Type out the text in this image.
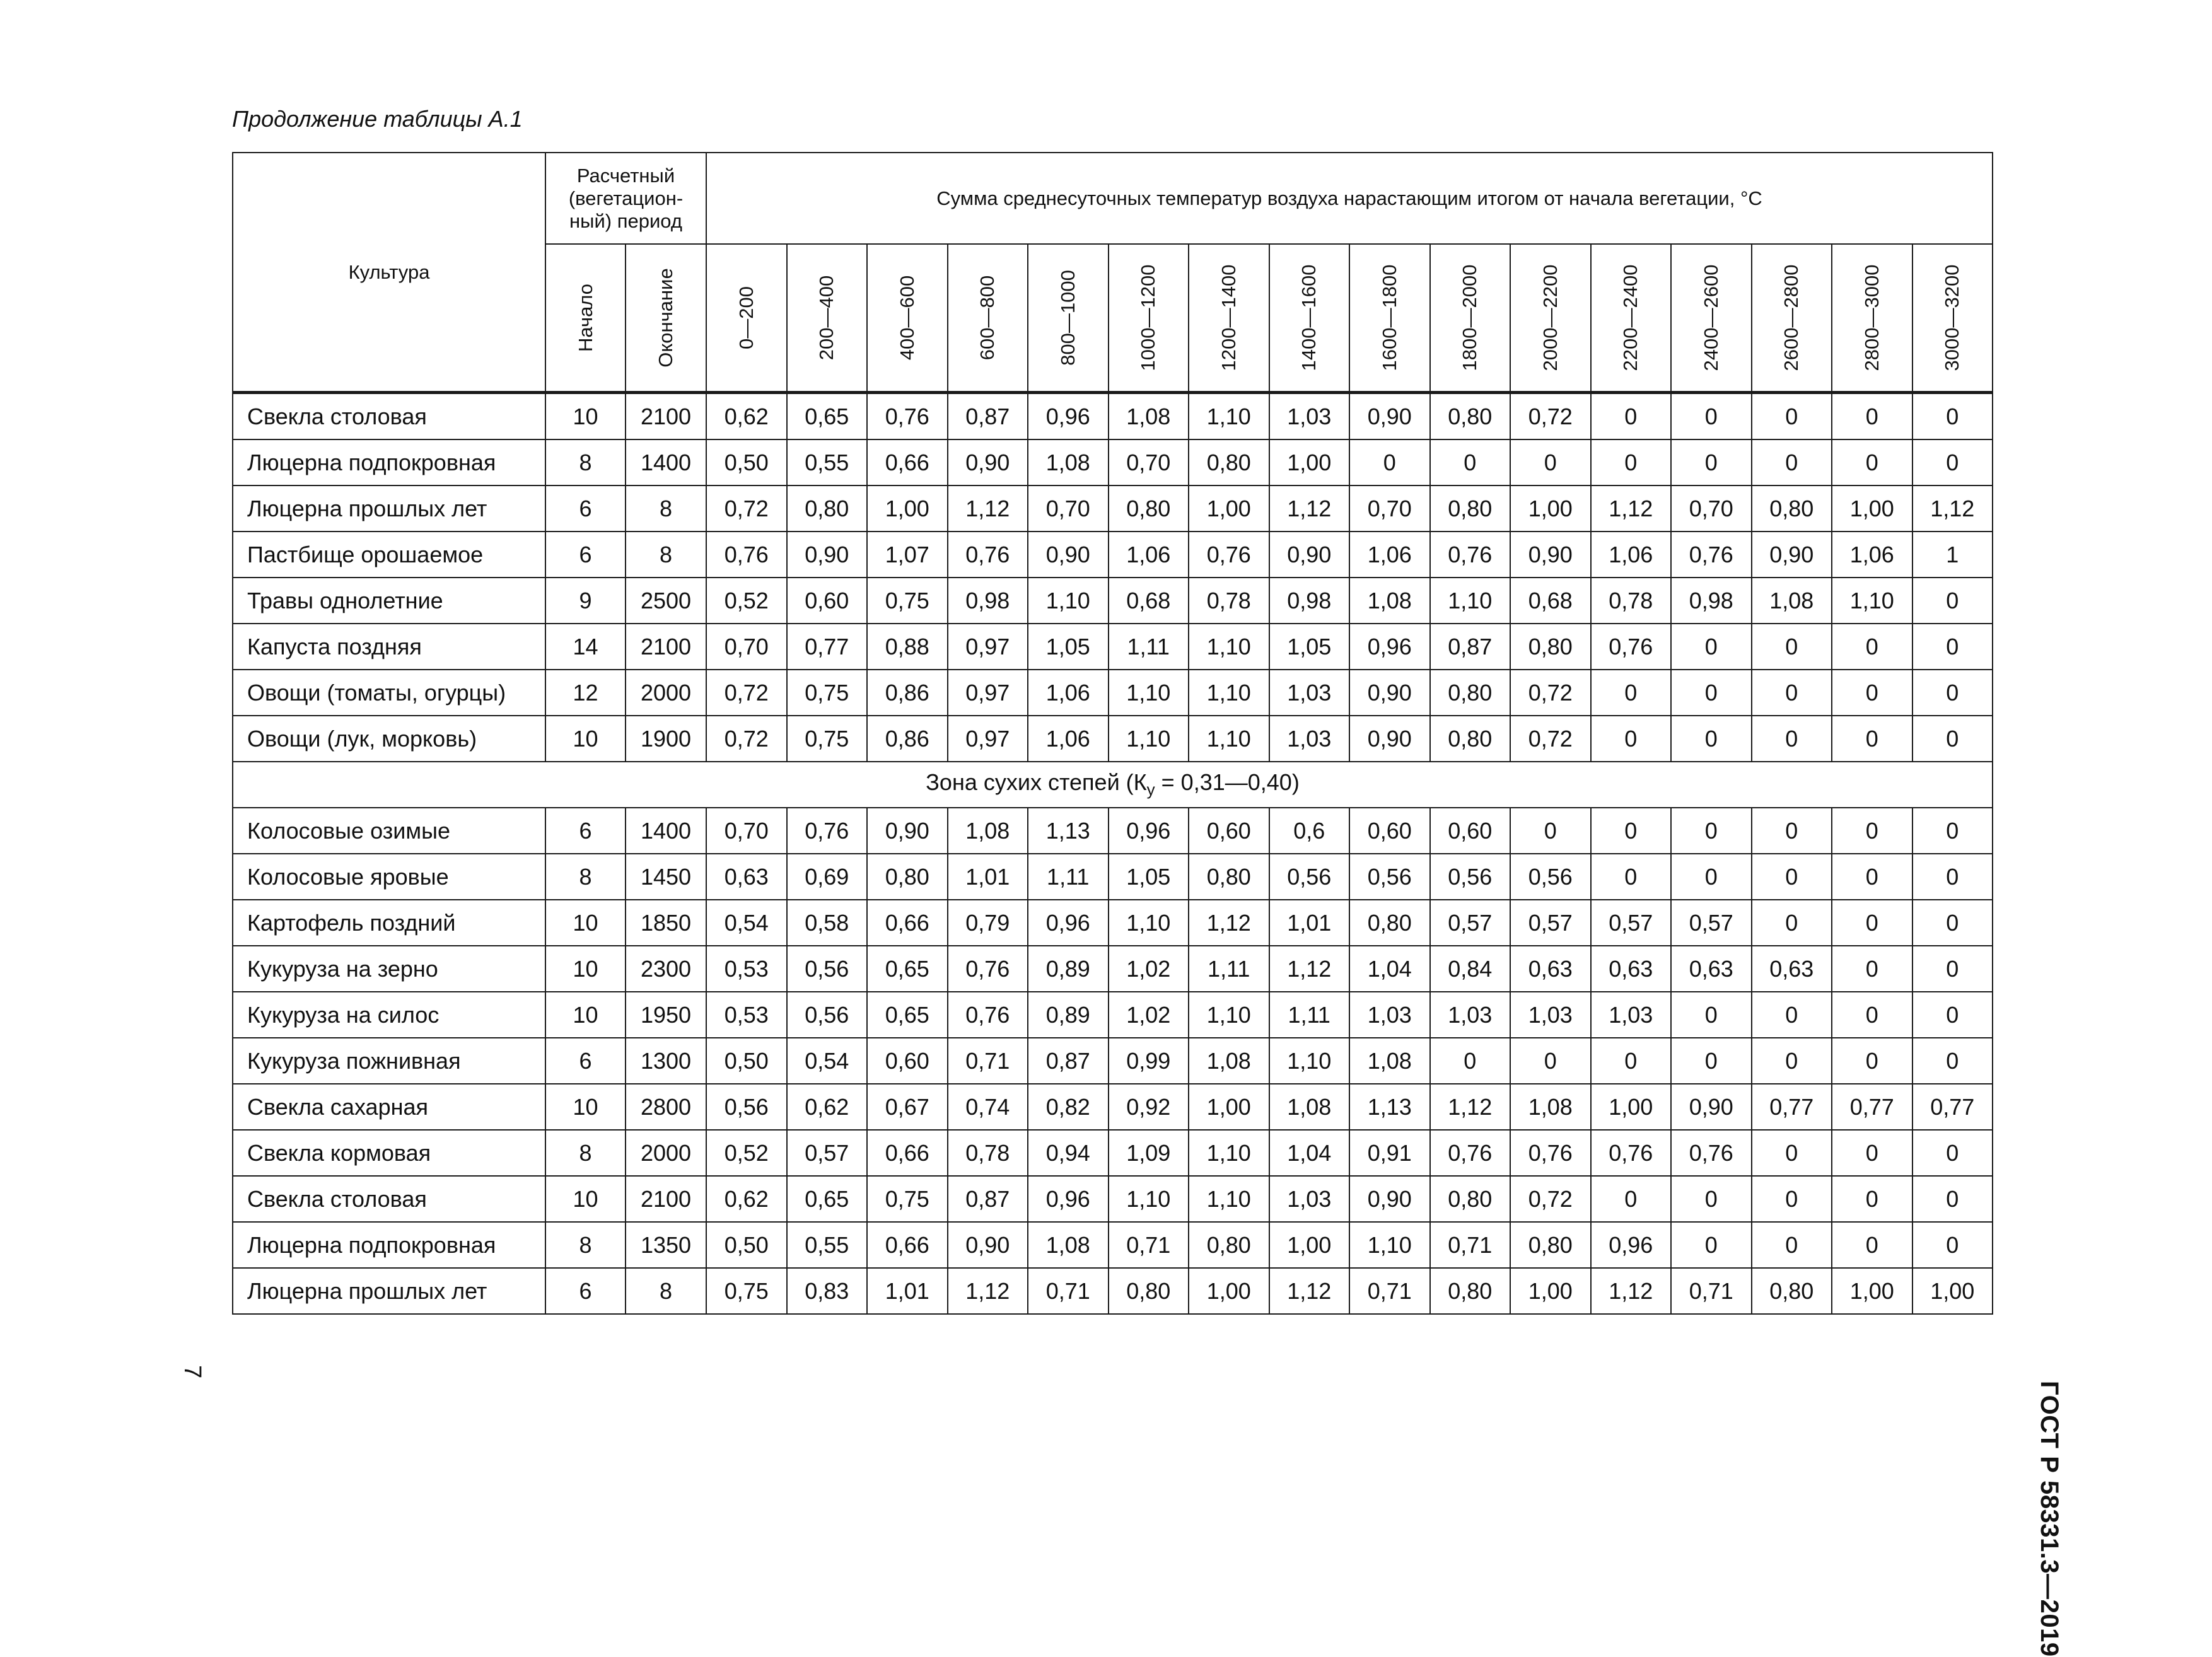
Продолжение таблицы А.1
Культура	Расчетный
(вегетацион-
ный) период		Сумма среднесуточных температур воздуха нарастающим итогом от начала вегетации, °С															

	Начало	Окончание	0—200	200—400	400—600	600—800	800—1000	1000—1200	1200—1400	1400—1600	1600—1800	1800—2000	2000—2200	2200—2400	2400—2600	2600—2800	2800—3000	3000—3200

Свекла столовая	10	2100	0,62	0,65	0,76	0,87	0,96	1,08	1,10	1,03	0,90	0,80	0,72	0	0	0	0	0
Люцерна подпокровная	8	1400	0,50	0,55	0,66	0,90	1,08	0,70	0,80	1,00	0	0	0	0	0	0	0	0
Люцерна прошлых лет	6	8	0,72	0,80	1,00	1,12	0,70	0,80	1,00	1,12	0,70	0,80	1,00	1,12	0,70	0,80	1,00	1,12
Пастбище орошаемое	6	8	0,76	0,90	1,07	0,76	0,90	1,06	0,76	0,90	1,06	0,76	0,90	1,06	0,76	0,90	1,06	1
Травы однолетние	9	2500	0,52	0,60	0,75	0,98	1,10	0,68	0,78	0,98	1,08	1,10	0,68	0,78	0,98	1,08	1,10	0
Капуста поздняя	14	2100	0,70	0,77	0,88	0,97	1,05	1,11	1,10	1,05	0,96	0,87	0,80	0,76	0	0	0	0
Овощи (томаты, огурцы)	12	2000	0,72	0,75	0,86	0,97	1,06	1,10	1,10	1,03	0,90	0,80	0,72	0	0	0	0	0
Овощи (лук, морковь)	10	1900	0,72	0,75	0,86	0,97	1,06	1,10	1,10	1,03	0,90	0,80	0,72	0	0	0	0	0
Зона сухих степей ($К_у$ = 0,31—0,40)																		
Колосовые озимые	6	1400	0,70	0,76	0,90	1,08	1,13	0,96	0,60	0,6	0,60	0,60	0	0	0	0	0	0
Колосовые яровые	8	1450	0,63	0,69	0,80	1,01	1,11	1,05	0,80	0,56	0,56	0,56	0,56	0	0	0	0	0
Картофель поздний	10	1850	0,54	0,58	0,66	0,79	0,96	1,10	1,12	1,01	0,80	0,57	0,57	0,57	0,57	0	0	0
Кукуруза на зерно	10	2300	0,53	0,56	0,65	0,76	0,89	1,02	1,11	1,12	1,04	0,84	0,63	0,63	0,63	0,63	0	0
Кукуруза на силос	10	1950	0,53	0,56	0,65	0,76	0,89	1,02	1,10	1,11	1,03	1,03	1,03	1,03	0	0	0	0
Кукуруза пожнивная	6	1300	0,50	0,54	0,60	0,71	0,87	0,99	1,08	1,10	1,08	0	0	0	0	0	0	0
Свекла сахарная	10	2800	0,56	0,62	0,67	0,74	0,82	0,92	1,00	1,08	1,13	1,12	1,08	1,00	0,90	0,77	0,77	0,77
Свекла кормовая	8	2000	0,52	0,57	0,66	0,78	0,94	1,09	1,10	1,04	0,91	0,76	0,76	0,76	0,76	0	0	0
Свекла столовая	10	2100	0,62	0,65	0,75	0,87	0,96	1,10	1,10	1,03	0,90	0,80	0,72	0	0	0	0	0
Люцерна подпокровная	8	1350	0,50	0,55	0,66	0,90	1,08	0,71	0,80	1,00	1,10	0,71	0,80	0,96	0	0	0	0
Люцерна прошлых лет	6	8	0,75	0,83	1,01	1,12	0,71	0,80	1,00	1,12	0,71	0,80	1,00	1,12	0,71	0,80	1,00	1,00
ГОСТ Р 58331.3—2019
7
